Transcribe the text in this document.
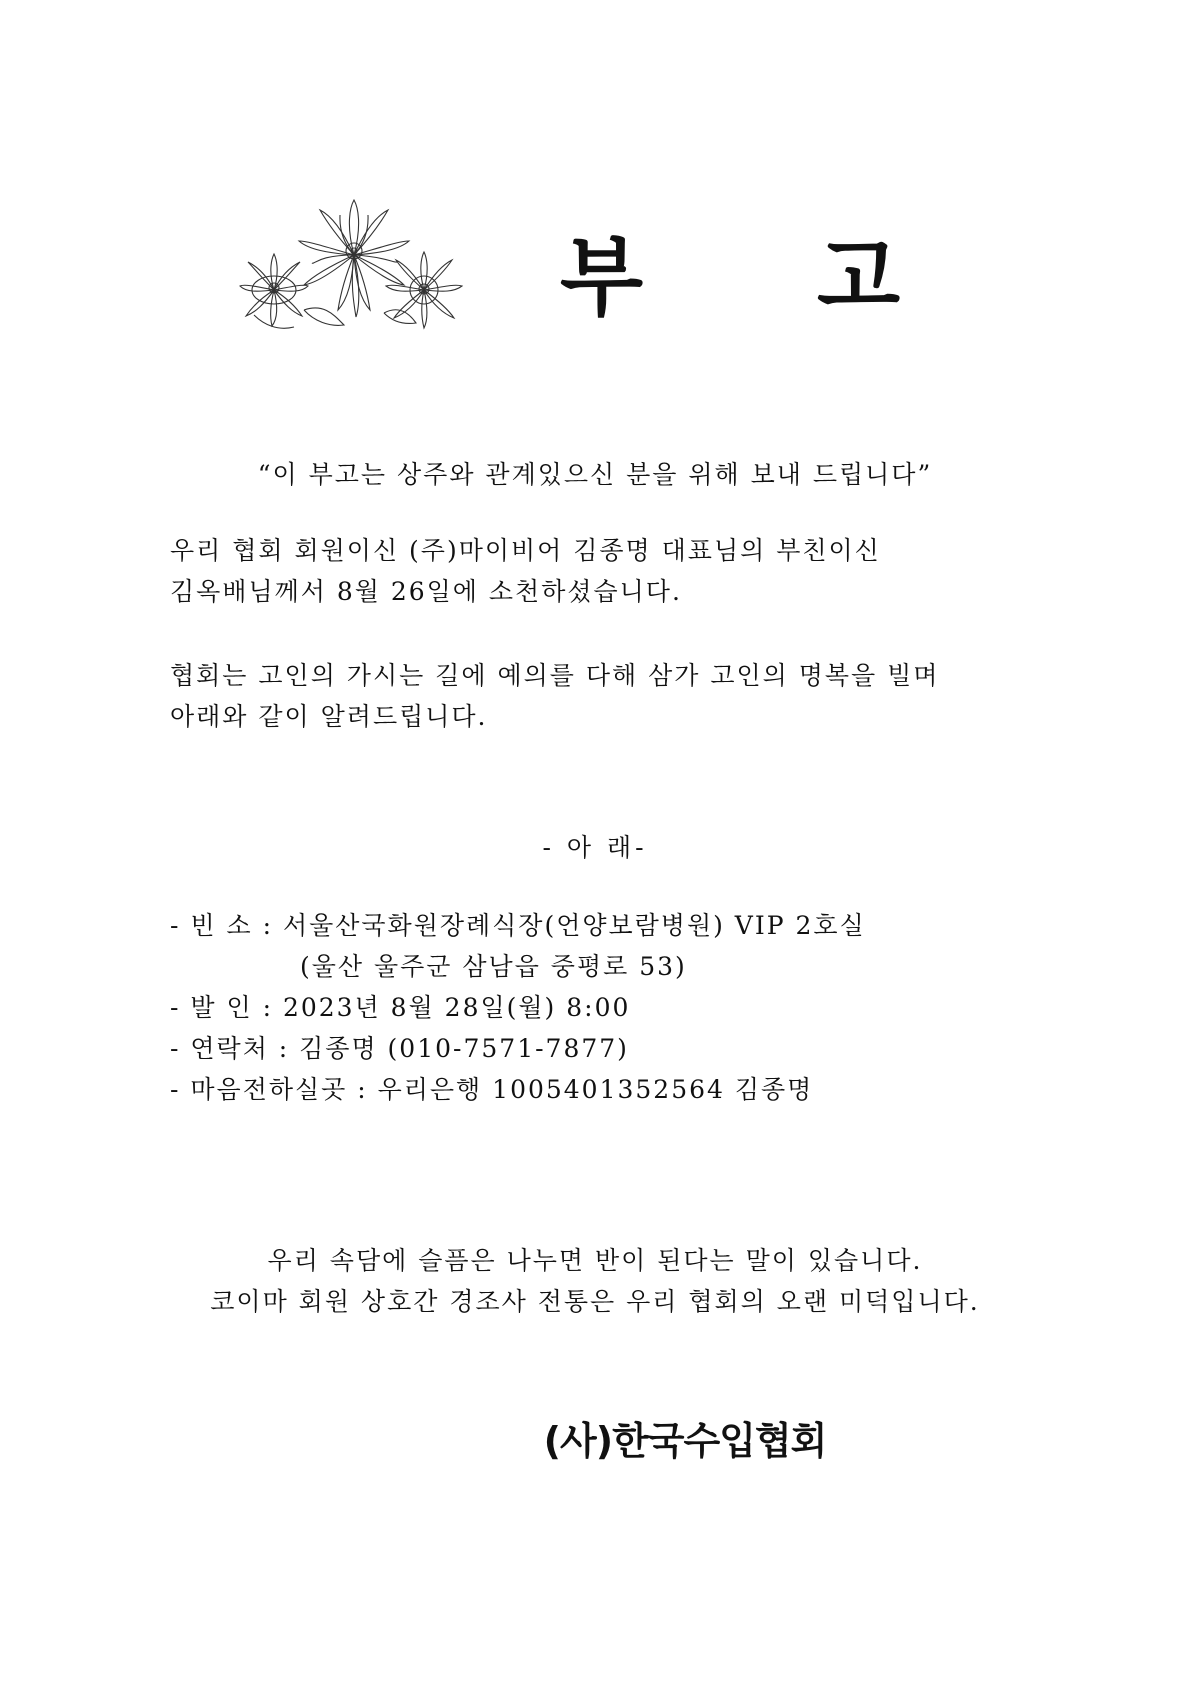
부 고
“이 부고는 상주와 관계있으신 분을 위해 보내 드립니다”
우리 협회 회원이신 (주)마이비어 김종명 대표님의 부친이신
김옥배님께서 8월 26일에 소천하셨습니다.
협회는 고인의 가시는 길에 예의를 다해 삼가 고인의 명복을 빌며
아래와 같이 알려드립니다.
- 아 래-
- 빈 소 : 서울산국화원장례식장(언양보람병원) VIP 2호실
(울산 울주군 삼남읍 중평로 53)
- 발 인 : 2023년 8월 28일(월) 8:00
- 연락처 : 김종명 (010-7571-7877)
- 마음전하실곳 : 우리은행 1005401352564 김종명
우리 속담에 슬픔은 나누면 반이 된다는 말이 있습니다.
코이마 회원 상호간 경조사 전통은 우리 협회의 오랜 미덕입니다.
(사)한국수입협회
